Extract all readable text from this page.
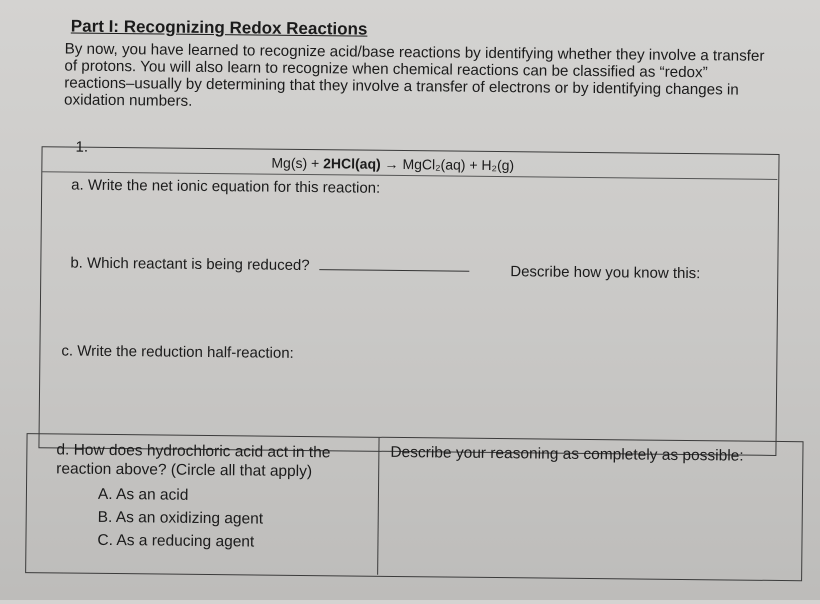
Part I: Recognizing Redox Reactions
By now, you have learned to recognize acid/base reactions by identifying whether they involve a transfer of protons. You will also learn to recognize when chemical reactions can be classified as “redox” reactions–usually by determining that they involve a transfer of electrons or by identifying changes in oxidation numbers.
1.
Mg(s) + 2HCl(aq) → MgCl₂(aq) + H₂(g)
a. Write the net ionic equation for this reaction:
b. Which reactant is being reduced?	Describe how you know this:
c. Write the reduction half-reaction:
d. How does hydrochloric acid act in the reaction above? (Circle all that apply)
Describe your reasoning as completely as possible:
A. As an acid
B. As an oxidizing agent
C. As a reducing agent
